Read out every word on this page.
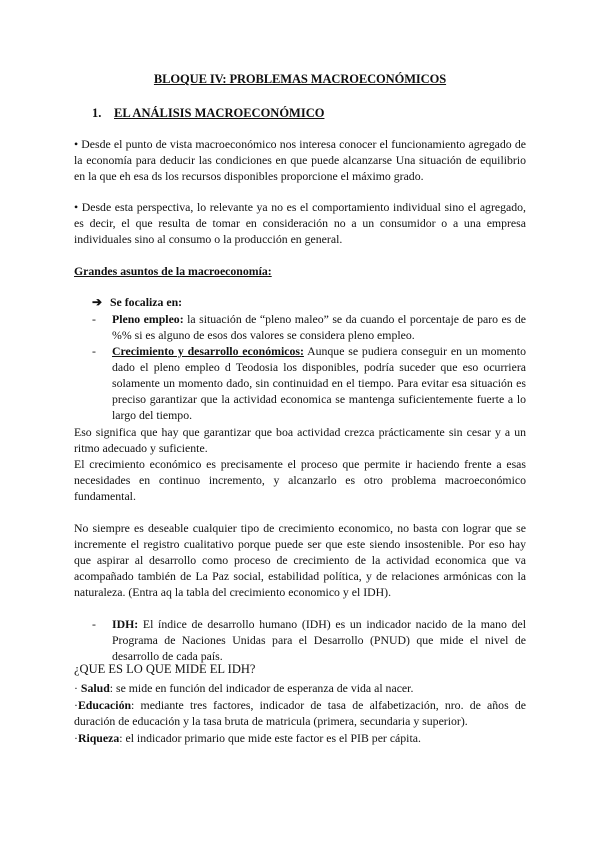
BLOQUE IV: PROBLEMAS MACROECONÓMICOS
1. EL ANÁLISIS MACROECONÓMICO
• Desde el punto de vista macroeconómico nos interesa conocer el funcionamiento agregado de la economía para deducir las condiciones en que puede alcanzarse Una situación de equilibrio en la que eh esa ds los recursos disponibles proporcione el máximo grado.
• Desde esta perspectiva, lo relevante ya no es el comportamiento individual sino el agregado, es decir, el que resulta de tomar en consideración no a un consumidor o a una empresa individuales sino al consumo o la producción en general.
Grandes asuntos de la macroeconomía:
➔ Se focaliza en:
-	Pleno empleo: la situación de “pleno maleo” se da cuando el porcentaje de paro es de %% si es alguno de esos dos valores se considera pleno empleo.
-	Crecimiento y desarrollo económicos: Aunque se pudiera conseguir en un momento dado el pleno empleo d Teodosia los disponibles, podría suceder que eso ocurriera solamente un momento dado, sin continuidad en el tiempo. Para evitar esa situación es preciso garantizar que la actividad economica se mantenga suficientemente fuerte a lo largo del tiempo.
Eso significa que hay que garantizar que boa actividad crezca prácticamente sin cesar y a un ritmo adecuado y suficiente.
El crecimiento económico es precisamente el proceso que permite ir haciendo frente a esas necesidades en continuo incremento, y alcanzarlo es otro problema macroeconómico fundamental.
No siempre es deseable cualquier tipo de crecimiento economico, no basta con lograr que se incremente el registro cualitativo porque puede ser que este siendo insostenible. Por eso hay que aspirar al desarrollo como proceso de crecimiento de la actividad economica que va acompañado también de La Paz social, estabilidad política, y de relaciones armónicas con la naturaleza. (Entra aq la tabla del crecimiento economico y el IDH).
-	IDH: El índice de desarrollo humano (IDH) es un indicador nacido de la mano del Programa de Naciones Unidas para el Desarrollo (PNUD) que mide el nivel de desarrollo de cada país.
¿QUE ES LO QUE MIDE EL IDH?
· Salud: se mide en función del indicador de esperanza de vida al nacer.
·Educación: mediante tres factores, indicador de tasa de alfabetización, nro. de años de duración de educación y la tasa bruta de matricula (primera, secundaria y superior).
·Riqueza: el indicador primario que mide este factor es el PIB per cápita.
